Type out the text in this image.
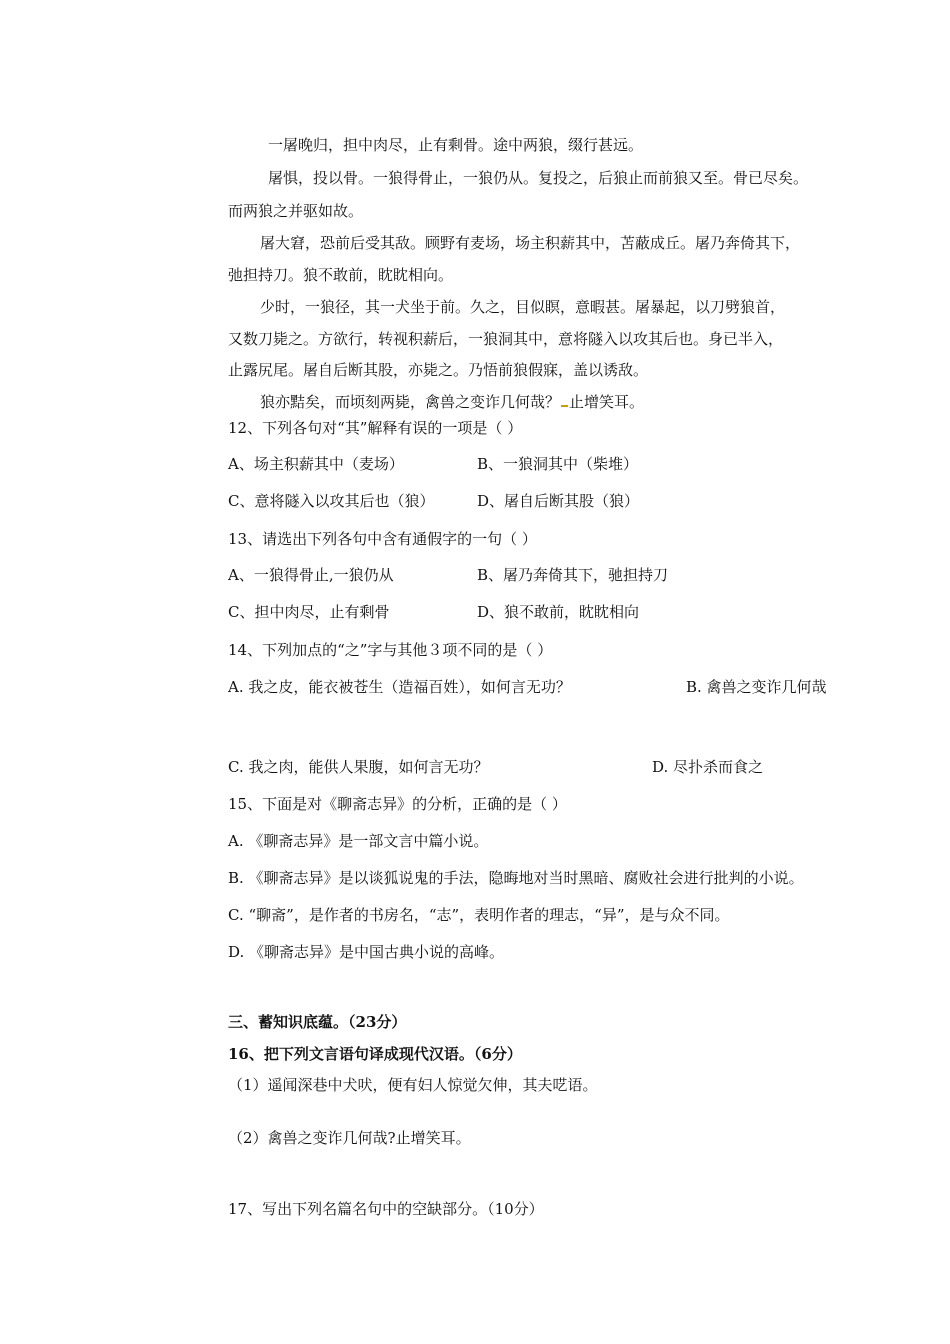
一屠晚归，担中肉尽，止有剩骨。途中两狼，缀行甚远。
屠惧，投以骨。一狼得骨止，一狼仍从。复投之，后狼止而前狼又至。骨已尽矣。
而两狼之并驱如故。
屠大窘，恐前后受其敌。顾野有麦场，场主积薪其中，苫蔽成丘。屠乃奔倚其下，
弛担持刀。狼不敢前，眈眈相向。
少时，一狼径，其一犬坐于前。久之，目似瞑，意暇甚。屠暴起，以刀劈狼首，
又数刀毙之。方欲行，转视积薪后，一狼洞其中，意将隧入以攻其后也。身已半入，
止露尻尾。屠自后断其股，亦毙之。乃悟前狼假寐，盖以诱敌。
狼亦黠矣，而顷刻两毙，禽兽之变诈几何哉？ 止增笑耳。
12、下列各句对“其”解释有误的一项是（ ）
A、场主积薪其中（麦场）	B、一狼洞其中（柴堆）
C、意将隧入以攻其后也（狼）	D、屠自后断其股（狼）
13、请选出下列各句中含有通假字的一句（ ）
A、一狼得骨止,一狼仍从	B、屠乃奔倚其下，驰担持刀
C、担中肉尽，止有剩骨	D、狼不敢前，眈眈相向
14、下列加点的“之”字与其他３项不同的是（ ）
A. 我之皮，能衣被苍生（造福百姓），如何言无功？	B. 禽兽之变诈几何哉
C. 我之肉，能供人果腹，如何言无功？	D. 尽扑杀而食之
15、下面是对《聊斋志异》的分析，正确的是（ ）
A. 《聊斋志异》是一部文言中篇小说。
B. 《聊斋志异》是以谈狐说鬼的手法，隐晦地对当时黑暗、腐败社会进行批判的小说。
C. “聊斋”，是作者的书房名，“志”，表明作者的理志，“异”，是与众不同。
D. 《聊斋志异》是中国古典小说的高峰。
三、蓄知识底蕴。（23分）
16、把下列文言语句译成现代汉语。（6分）
（1）遥闻深巷中犬吠，便有妇人惊觉欠伸，其夫呓语。
（2）禽兽之变诈几何哉?止增笑耳。
17、写出下列名篇名句中的空缺部分。（10分）
